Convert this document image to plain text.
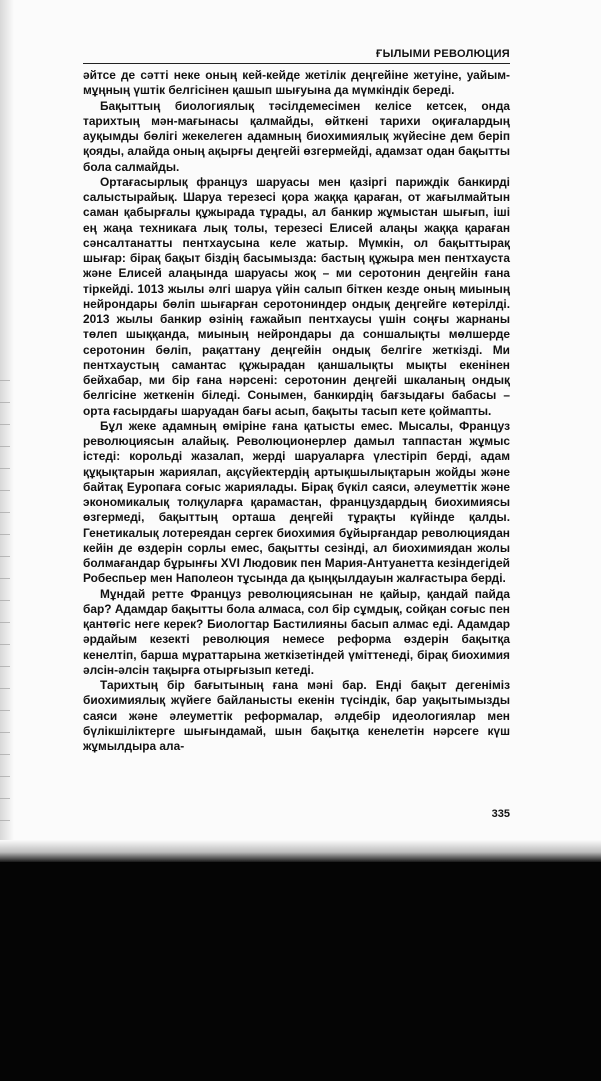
ҒЫЛЫМИ РЕВОЛЮЦИЯ

әйтсе де сәтті неке оның кей-кейде жетілік деңгейіне жетуіне, уайым-мұңның үштік белгісінен қашып шығуына да мүмкіндік береді.

Бақыттың биологиялық тәсілдемесімен келісе кетсек, онда тарихтың мән-мағынасы қалмайды, өйткені тарихи оқиғалардың ауқымды бөлігі жекелеген адамның биохимиялық жүйесіне дем беріп қояды, алайда оның ақырғы деңгейі өзгермейді, адамзат одан бақытты бола салмайды.

Ортағасырлық француз шаруасы мен қазіргі париждік банкирді салыстырайық. Шаруа терезесі қора жаққа қараған, от жағылмайтын саман қабырғалы құжырада тұрады, ал банкир жұмыстан шығып, іші ең жаңа техникаға лық толы, терезесі Елисей алаңы жаққа қараған сәнсалтанатты пентхаусына келе жатыр. Мүмкін, ол бақыттырақ шығар: бірақ бақыт біздің басымызда: бастың құжыра мен пентхауста және Елисей алаңында шаруасы жоқ – ми серотонин деңгейін ғана тіркейді. 1013 жылы әлгі шаруа үйін салып біткен кезде оның миының нейрондары бөліп шығарған серотониндер ондық деңгейге көтерілді. 2013 жылы банкир өзінің ғажайып пентхаусы үшін соңғы жарнаны төлеп шыққанда, миының нейрондары да соншалықты мөлшерде серотонин бөліп, рақаттану деңгейін ондық белгіге жеткізді. Ми пентхаустың самантас құжырадан қаншалықты мықты екенінен бейхабар, ми бір ғана нәрсені: серотонин деңгейі шкаланың ондық белгісіне жеткенін біледі. Сонымен, банкирдің бағзыдағы бабасы – орта ғасырдағы шаруадан бағы асып, бақыты тасып кете қоймапты.

Бұл жеке адамның өміріне ғана қатысты емес. Мысалы, Француз революциясын алайық. Революционерлер дамыл таппастан жұмыс істеді: корольді жазалап, жерді шаруаларға үлестіріп берді, адам құқықтарын жариялап, ақсүйектердің артықшылықтарын жойды және байтақ Еуропаға соғыс жариялады. Бірақ бүкіл саяси, әлеуметтік және экономикалық толқуларға қарамастан, француздардың биохимиясы өзгермеді, бақыттың орташа деңгейі тұрақты күйінде қалды. Генетикалық лотереядан сергек биохимия бұйырғандар революциядан кейін де өздерін сорлы емес, бақытты сезінді, ал биохимиядан жолы болмағандар бұрынғы XVI Людовик пен Мария-Антуанетта кезіндегідей Робеспьер мен Наполеон тұсында да қыңқылдауын жалғастыра берді.

Мұндай ретте Француз революциясынан не қайыр, қандай пайда бар? Адамдар бақытты бола алмаса, сол бір сұмдық, сойқан соғыс пен қантөгіс неге керек? Биологтар Бастилияны басып алмас еді. Адамдар әрдайым кезекті революция немесе реформа өздерін бақытқа кенелтіп, барша мұраттарына жеткізетіндей үміттенеді, бірақ биохимия әлсін-әлсін тақырға отырғызып кетеді.

Тарихтың бір бағытының ғана мәні бар. Енді бақыт дегеніміз биохимиялық жүйеге байланысты екенін түсіндік, бар уақытымызды саяси және әлеуметтік реформалар, әлдебір идеологиялар мен бүлікшіліктерге шығындамай, шын бақытқа кенелетін нәрсеге күш жұмылдыра ала-

335
